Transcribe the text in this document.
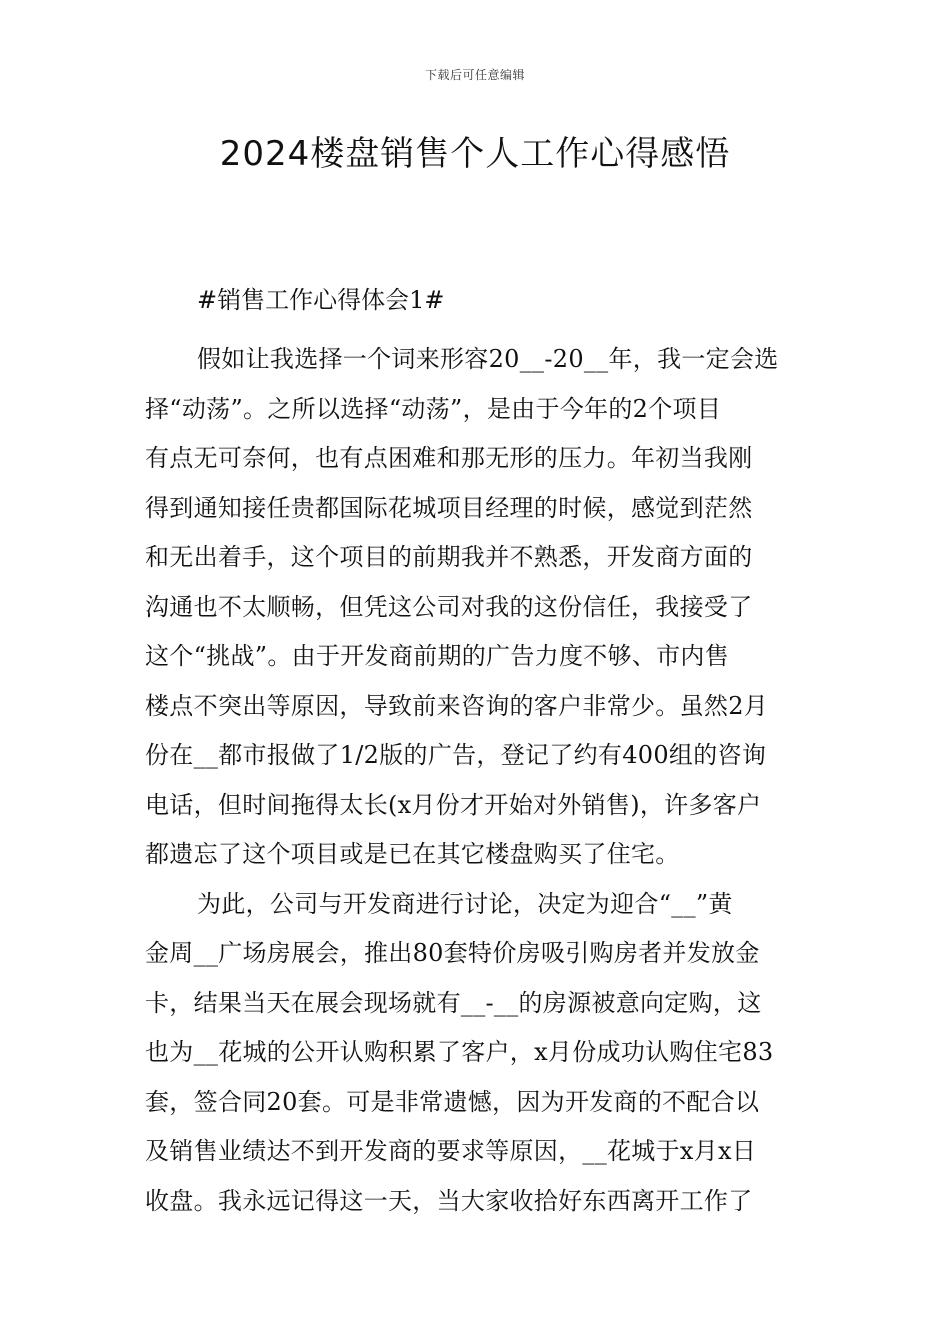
下载后可任意编辑
2024楼盘销售个人工作心得感悟
#销售工作心得体会1#
假如让我选择一个词来形容20__-20__年，我一定会选
择“动荡”。之所以选择“动荡”，是由于今年的2个项目
有点无可奈何，也有点困难和那无形的压力。年初当我刚
得到通知接任贵都国际花城项目经理的时候，感觉到茫然
和无出着手，这个项目的前期我并不熟悉，开发商方面的
沟通也不太顺畅，但凭这公司对我的这份信任，我接受了
这个“挑战”。由于开发商前期的广告力度不够、市内售
楼点不突出等原因，导致前来咨询的客户非常少。虽然2月
份在__都市报做了1/2版的广告，登记了约有400组的咨询
电话，但时间拖得太长(x月份才开始对外销售)，许多客户
都遗忘了这个项目或是已在其它楼盘购买了住宅。
为此，公司与开发商进行讨论，决定为迎合“__”黄
金周__广场房展会，推出80套特价房吸引购房者并发放金
卡，结果当天在展会现场就有__-__的房源被意向定购，这
也为__花城的公开认购积累了客户，x月份成功认购住宅83
套，签合同20套。可是非常遗憾，因为开发商的不配合以
及销售业绩达不到开发商的要求等原因，__花城于x月x日
收盘。我永远记得这一天，当大家收拾好东西离开工作了
